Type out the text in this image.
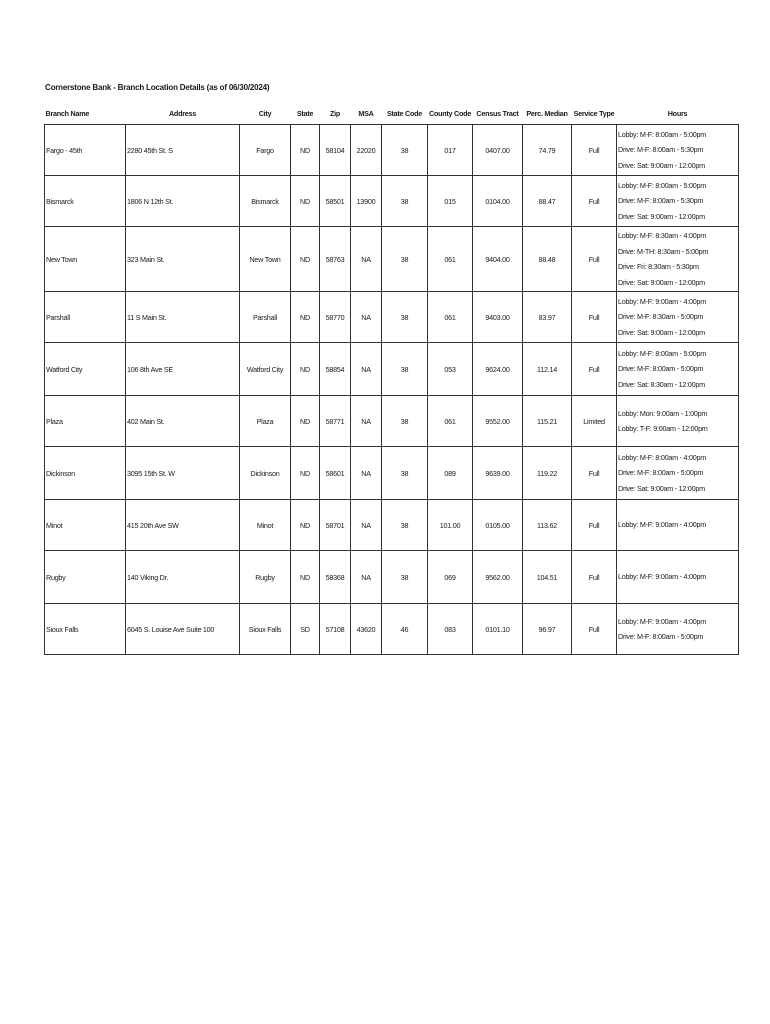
Cornerstone Bank - Branch Location Details (as of 06/30/2024)
Branch Name	Address	City	State	Zip	MSA	State Code	County Code	Census Tract	Perc. Median	Service Type	Hours
Fargo - 45th	2280 45th St. S	Fargo	ND	58104	22020	38	017	0407.00	74.79	Full	Lobby: M-F: 8:00am - 5:00pm
Drive: M-F: 8:00am - 5:30pm
Drive: Sat: 9:00am - 12:00pm

Bismarck	1806 N 12th St.	Bismarck	ND	58501	13900	38	015	0104.00	88.47	Full	Lobby: M-F: 8:00am - 5:00pm
Drive: M-F: 8:00am - 5:30pm
Drive: Sat: 9:00am - 12:00pm

New Town	323 Main St.	New Town	ND	58763	NA	38	061	9404.00	88.48	Full	Lobby: M-F: 8:30am - 4:00pm
Drive: M-TH: 8:30am - 5:00pm
Drive: Fri: 8:30am - 5:30pm
Drive: Sat: 9:00am - 12:00pm

Parshall	11 S Main St.	Parshall	ND	58770	NA	38	061	9403.00	83.97	Full	Lobby: M-F: 9:00am - 4:00pm
Drive: M-F: 8:30am - 5:00pm
Drive: Sat: 9:00am - 12:00pm

Watford City	106 8th Ave SE	Watford City	ND	58854	NA	38	053	9624.00	112.14	Full	Lobby: M-F: 8:00am - 5:00pm
Drive: M-F: 8:00am - 5:00pm
Drive: Sat: 8:30am - 12:00pm

Plaza	402 Main St.	Plaza	ND	58771	NA	38	061	9552.00	115.21	Limited	Lobby: Mon: 9:00am - 1:00pm
Lobby: T-F: 9:00am - 12:00pm

Dickinson	3095 15th St. W	Dickinson	ND	58601	NA	38	089	9639.00	119.22	Full	Lobby: M-F: 8:00am - 4:00pm
Drive: M-F: 8:00am - 5:00pm
Drive: Sat: 9:00am - 12:00pm

Minot	415 20th Ave SW	Minot	ND	58701	NA	38	101.00	0105.00	113.62	Full	Lobby: M-F: 9:00am - 4:00pm

Rugby	140 Viking Dr.	Rugby	ND	58368	NA	38	069	9562.00	104.51	Full	Lobby: M-F: 9:00am - 4:00pm

Sioux Falls	6045 S. Louise Ave Suite 100	Sioux Falls	SD	57108	43620	46	083	0101.10	96.97	Full	Lobby: M-F: 9:00am - 4:00pm
Drive: M-F: 8:00am - 5:00pm
